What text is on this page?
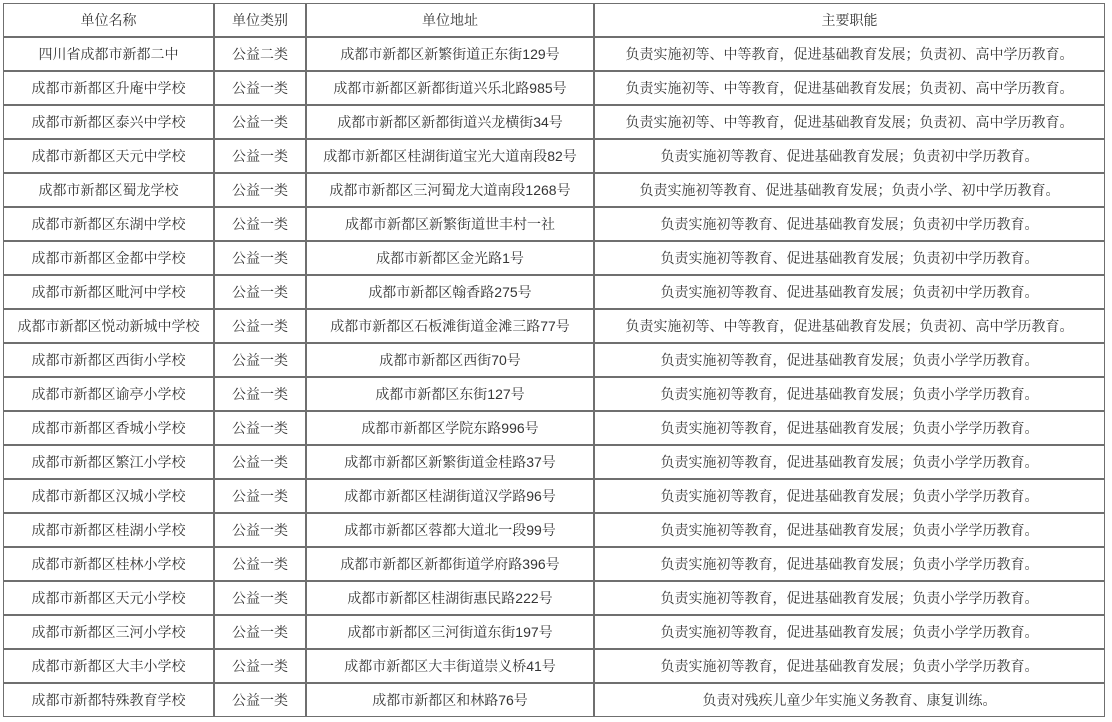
单位名称	单位类别	单位地址	主要职能
四川省成都市新都二中	公益二类	成都市新都区新繁街道正东街129号	负责实施初等、中等教育，促进基础教育发展；负责初、高中学历教育。
成都市新都区升庵中学校	公益一类	成都市新都区新都街道兴乐北路985号	负责实施初等、中等教育，促进基础教育发展；负责初、高中学历教育。
成都市新都区泰兴中学校	公益一类	成都市新都区新都街道兴龙横街34号	负责实施初等、中等教育，促进基础教育发展；负责初、高中学历教育。
成都市新都区天元中学校	公益一类	成都市新都区桂湖街道宝光大道南段82号	负责实施初等教育、促进基础教育发展；负责初中学历教育。
成都市新都区蜀龙学校	公益一类	成都市新都区三河蜀龙大道南段1268号	负责实施初等教育、促进基础教育发展；负责小学、初中学历教育。
成都市新都区东湖中学校	公益一类	成都市新都区新繁街道世丰村一社	负责实施初等教育、促进基础教育发展；负责初中学历教育。
成都市新都区金都中学校	公益一类	成都市新都区金光路1号	负责实施初等教育、促进基础教育发展；负责初中学历教育。
成都市新都区毗河中学校	公益一类	成都市新都区翰香路275号	负责实施初等教育、促进基础教育发展；负责初中学历教育。
成都市新都区悦动新城中学校	公益一类	成都市新都区石板滩街道金滩三路77号	负责实施初等、中等教育，促进基础教育发展；负责初、高中学历教育。
成都市新都区西街小学校	公益一类	成都市新都区西街70号	负责实施初等教育，促进基础教育发展；负责小学学历教育。
成都市新都区谕亭小学校	公益一类	成都市新都区东街127号	负责实施初等教育，促进基础教育发展；负责小学学历教育。
成都市新都区香城小学校	公益一类	成都市新都区学院东路996号	负责实施初等教育，促进基础教育发展；负责小学学历教育。
成都市新都区繁江小学校	公益一类	成都市新都区新繁街道金桂路37号	负责实施初等教育，促进基础教育发展；负责小学学历教育。
成都市新都区汉城小学校	公益一类	成都市新都区桂湖街道汉学路96号	负责实施初等教育，促进基础教育发展；负责小学学历教育。
成都市新都区桂湖小学校	公益一类	成都市新都区蓉都大道北一段99号	负责实施初等教育，促进基础教育发展；负责小学学历教育。
成都市新都区桂林小学校	公益一类	成都市新都区新都街道学府路396号	负责实施初等教育，促进基础教育发展；负责小学学历教育。
成都市新都区天元小学校	公益一类	成都市新都区桂湖街惠民路222号	负责实施初等教育，促进基础教育发展；负责小学学历教育。
成都市新都区三河小学校	公益一类	成都市新都区三河街道东街197号	负责实施初等教育，促进基础教育发展；负责小学学历教育。
成都市新都区大丰小学校	公益一类	成都市新都区大丰街道崇义桥41号	负责实施初等教育，促进基础教育发展；负责小学学历教育。
成都市新都特殊教育学校	公益一类	成都市新都区和林路76号	负责对残疾儿童少年实施义务教育、康复训练。
